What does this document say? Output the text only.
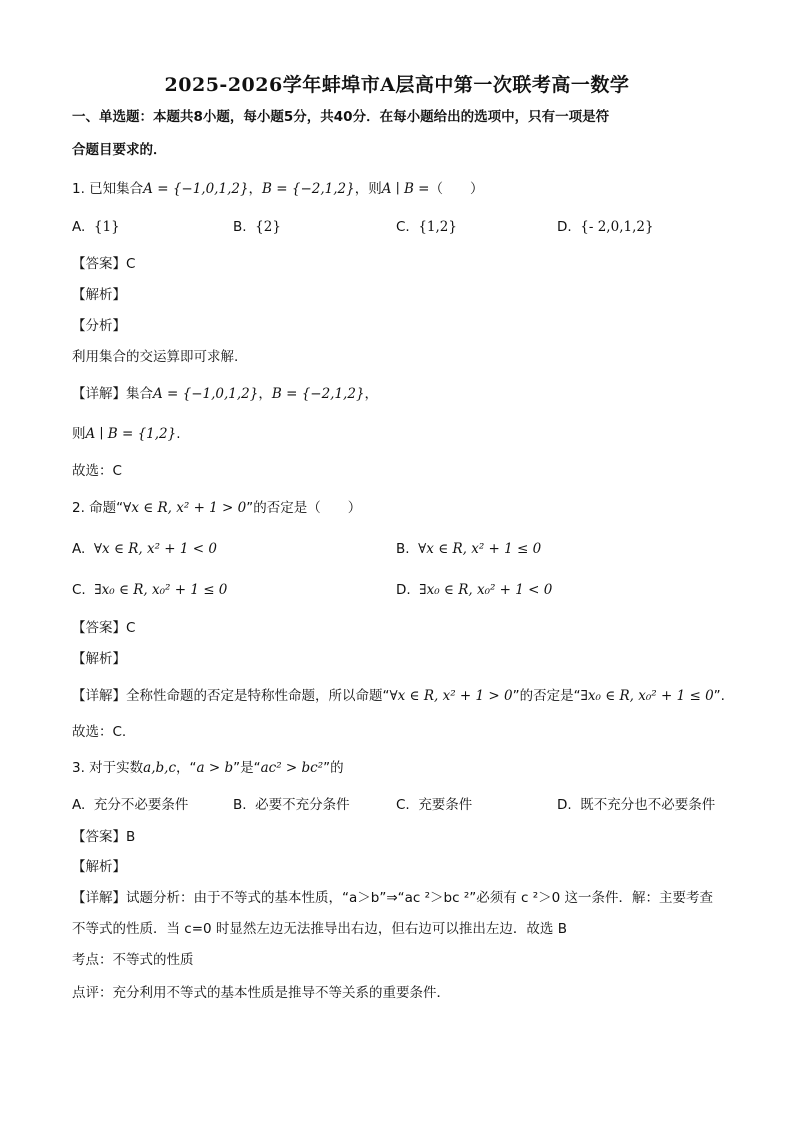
2025-2026学年蚌埠市A层高中第一次联考高一数学
一、单选题：本题共8小题，每小题5分，共40分．在每小题给出的选项中，只有一项是符
合题目要求的．
1. 已知集合A = {−1,0,1,2}，B = {−2,1,2}，则A ∣ B =（　　）
A. {1}	B. {2}	C. {1,2}	D. {- 2,0,1,2}
【答案】C
【解析】
【分析】
利用集合的交运算即可求解.
【详解】集合A = {−1,0,1,2}，B = {−2,1,2}，
则A ∣ B = {1,2}.
故选：C
2. 命题“∀x ∈ R, x² + 1 > 0”的否定是（　　）
A. ∀x ∈ R, x² + 1 < 0	B. ∀x ∈ R, x² + 1 ≤ 0
C. ∃x₀ ∈ R, x₀² + 1 ≤ 0	D. ∃x₀ ∈ R, x₀² + 1 < 0
【答案】C
【解析】
【详解】全称性命题的否定是特称性命题，所以命题“∀x ∈ R, x² + 1 > 0”的否定是“∃x₀ ∈ R, x₀² + 1 ≤ 0”.
故选：C.
3. 对于实数a,b,c，“a > b”是“ac² > bc²”的
A. 充分不必要条件	B. 必要不充分条件	C. 充要条件	D. 既不充分也不必要条件
【答案】B
【解析】
【详解】试题分析：由于不等式的基本性质，“a＞b”⇒“ac ²＞bc ²”必须有 c ²＞0 这一条件．解：主要考查
不等式的性质．当 c=0 时显然左边无法推导出右边，但右边可以推出左边．故选 B
考点：不等式的性质
点评：充分利用不等式的基本性质是推导不等关系的重要条件．
